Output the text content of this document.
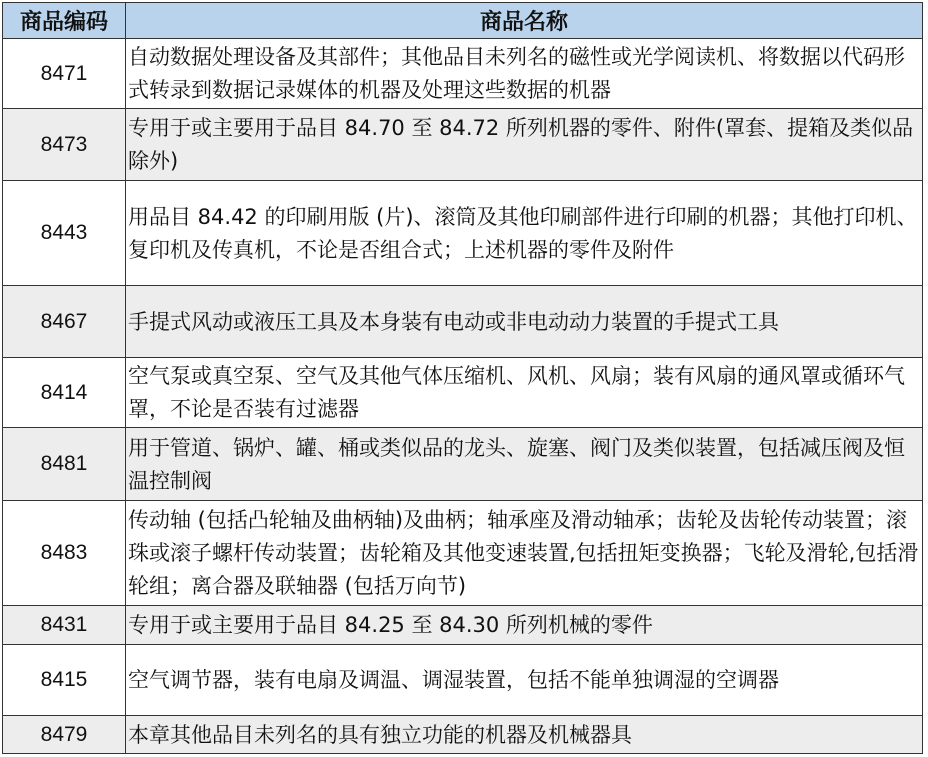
商品编码	商品名称
8471	自动数据处理设备及其部件；其他品目未列名的磁性或光学阅读机、将数据以代码形式转录到数据记录媒体的机器及处理这些数据的机器
8473	专用于或主要用于品目 84.70 至 84.72 所列机器的零件、附件(罩套、提箱及类似品除外)
8443	用品目 84.42 的印刷用版 (片)、滚筒及其他印刷部件进行印刷的机器；其他打印机、复印机及传真机，不论是否组合式；上述机器的零件及附件
8467	手提式风动或液压工具及本身装有电动或非电动动力装置的手提式工具
8414	空气泵或真空泵、空气及其他气体压缩机、风机、风扇；装有风扇的通风罩或循环气罩，不论是否装有过滤器
8481	用于管道、锅炉、罐、桶或类似品的龙头、旋塞、阀门及类似装置，包括减压阀及恒温控制阀
8483	传动轴 (包括凸轮轴及曲柄轴)及曲柄；轴承座及滑动轴承；齿轮及齿轮传动装置；滚珠或滚子螺杆传动装置；齿轮箱及其他变速装置,包括扭矩变换器；飞轮及滑轮,包括滑轮组；离合器及联轴器 (包括万向节)
8431	专用于或主要用于品目 84.25 至 84.30 所列机械的零件
8415	空气调节器，装有电扇及调温、调湿装置，包括不能单独调湿的空调器
8479	本章其他品目未列名的具有独立功能的机器及机械器具
